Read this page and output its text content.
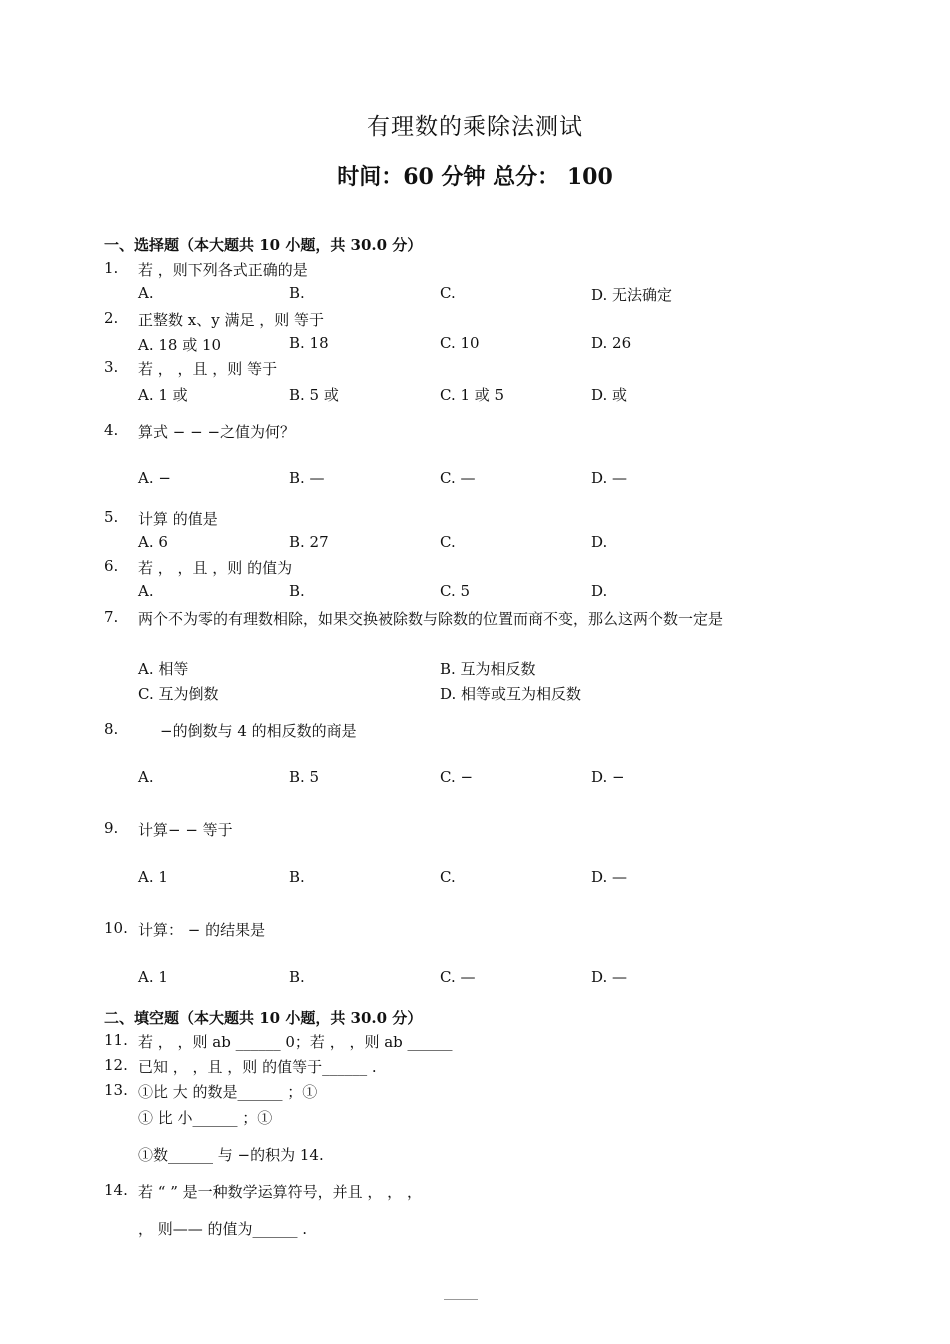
有理数的乘除法测试
时间：60 分钟 总分： 100
一、选择题（本大题共 10 小题，共 30.0 分）
1. 若 ，则下列各式正确的是
A.	B.	C.	D. 无法确定
2. 正整数 x、y 满足 ，则 等于
A. 18 或 10	B. 18	C. 10	D. 26
3. 若 ， ，且 ，则 等于
A. 1 或	B. 5 或	C. 1 或 5	D. 或
4. 算式 − − −之值为何？
A. −	B. —	C. —	D. —
5. 计算 的值是
A. 6	B. 27	C.	D.
6. 若 ， ，且 ，则 的值为
A.	B.	C. 5	D.
7. 两个不为零的有理数相除，如果交换被除数与除数的位置而商不变，那么这两个数一定是
A. 相等	B. 互为相反数
C. 互为倒数	D. 相等或互为相反数
8.	−的倒数与 4 的相反数的商是
A.	B. 5	C. −	D. −
9. 计算− − 等于
A. 1	B.	C.	D. —
10. 计算： − 的结果是
A. 1	B.	C. —	D. —
二、填空题（本大题共 10 小题，共 30.0 分）
11. 若 ， ，则 ab ______ 0；若 ， ，则 ab ______
12. 已知 ， ，且 ，则 的值等于______ .
13. ①比 大 的数是______ ；①
① 比 小______ ；①
①数______ 与 −的积为 14.
14. 若 “ ” 是一种数学运算符号，并且 ， ， ，
， 则—— 的值为______ .
